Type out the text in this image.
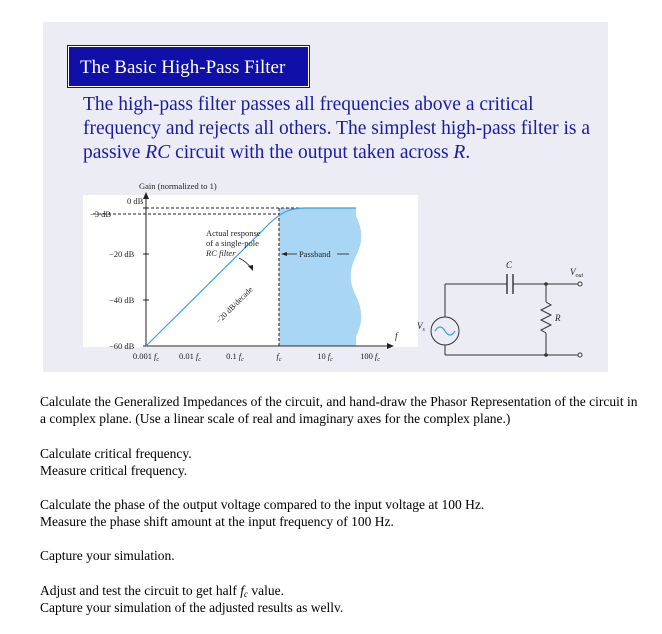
The Basic High-Pass Filter
The high-pass filter passes all frequencies above a critical frequency and rejects all others. The simplest high-pass filter is a passive RC circuit with the output taken across R.
0 dB
−20 dB
−40 dB
−60 dB
−3 dB
Gain (normalized to 1)
0.001 $f_c$ 0.01 $f_c$	0.1 $f_c$	$f_c$	10 $f_c$	100 $f_c$
f
Actual response
of a single-pole
RC filter
−20 dB/decade
Passband
$V_s$
C
$V_{out}$
R
Calculate the Generalized Impedances of the circuit, and hand-draw the Phasor Representation of the circuit in a complex plane. (Use a linear scale of real and imaginary axes for the complex plane.)
Calculate critical frequency.
Measure critical frequency.
Calculate the phase of the output voltage compared to the input voltage at 100 Hz.
Measure the phase shift amount at the input frequency of 100 Hz.
Capture your simulation.
Adjust and test the circuit to get half $f_c$ value.
Capture your simulation of the adjusted results as wellv.
